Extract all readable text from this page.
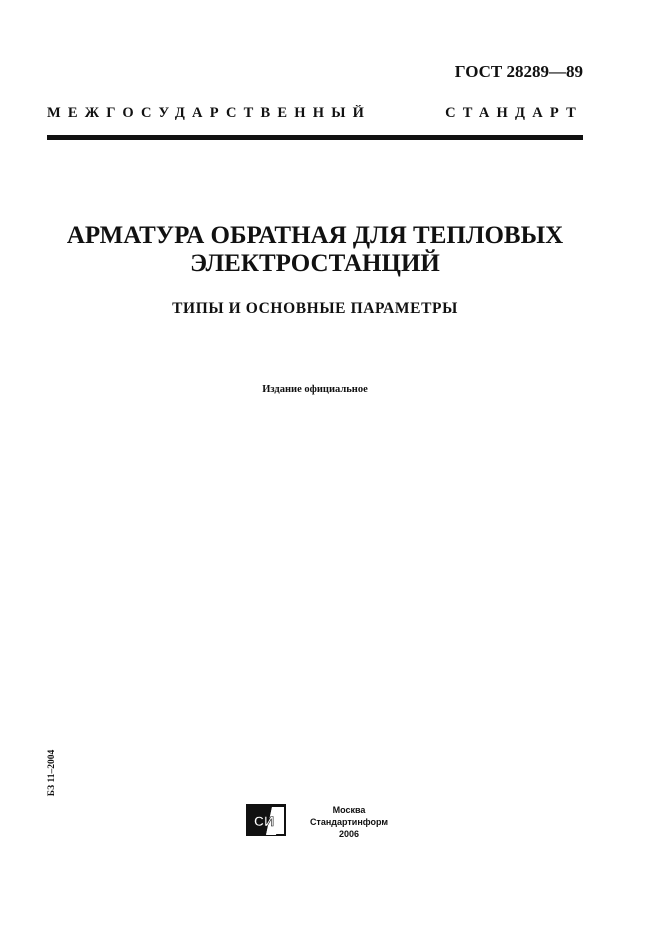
ГОСТ 28289—89
МЕЖГОСУДАРСТВЕННЫЙ	СТАНДАРТ
АРМАТУРА ОБРАТНАЯ ДЛЯ ТЕПЛОВЫХ
ЭЛЕКТРОСТАНЦИЙ
ТИПЫ И ОСНОВНЫЕ ПАРАМЕТРЫ
Издание официальное
БЗ 11–2004
СИ
Москва
Стандартинформ
2006
